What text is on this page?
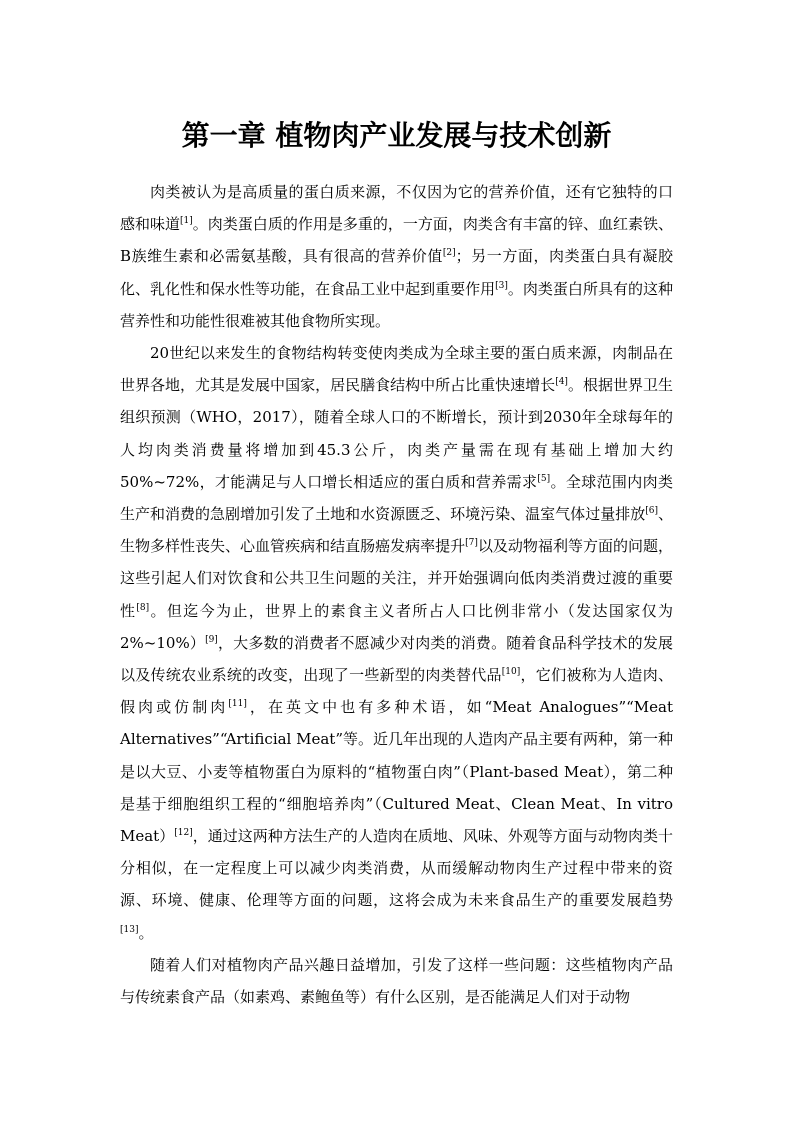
第一章 植物肉产业发展与技术创新

肉类被认为是高质量的蛋白质来源，不仅因为它的营养价值，还有它独特的口感和味道[1]。肉类蛋白质的作用是多重的，一方面，肉类含有丰富的锌、血红素铁、B族维生素和必需氨基酸，具有很高的营养价值[2]；另一方面，肉类蛋白具有凝胶化、乳化性和保水性等功能，在食品工业中起到重要作用[3]。肉类蛋白所具有的这种营养性和功能性很难被其他食物所实现。

20世纪以来发生的食物结构转变使肉类成为全球主要的蛋白质来源，肉制品在世界各地，尤其是发展中国家，居民膳食结构中所占比重快速增长[4]。根据世界卫生组织预测（WHO，2017），随着全球人口的不断增长，预计到2030年全球每年的人均肉类消费量将增加到45.3公斤，肉类产量需在现有基础上增加大约50%~72%，才能满足与人口增长相适应的蛋白质和营养需求[5]。全球范围内肉类生产和消费的急剧增加引发了土地和水资源匮乏、环境污染、温室气体过量排放[6]、生物多样性丧失、心血管疾病和结直肠癌发病率提升[7]以及动物福利等方面的问题，这些引起人们对饮食和公共卫生问题的关注，并开始强调向低肉类消费过渡的重要性[8]。但迄今为止，世界上的素食主义者所占人口比例非常小（发达国家仅为2%~10%）[9]，大多数的消费者不愿减少对肉类的消费。随着食品科学技术的发展以及传统农业系统的改变，出现了一些新型的肉类替代品[10]，它们被称为人造肉、假肉或仿制肉[11]，在英文中也有多种术语，如“Meat Analogues”“Meat Alternatives”“Artificial Meat”等。近几年出现的人造肉产品主要有两种，第一种是以大豆、小麦等植物蛋白为原料的“植物蛋白肉”（Plant-based Meat），第二种是基于细胞组织工程的“细胞培养肉”（Cultured Meat、Clean Meat、In vitro Meat）[12]，通过这两种方法生产的人造肉在质地、风味、外观等方面与动物肉类十分相似，在一定程度上可以减少肉类消费，从而缓解动物肉生产过程中带来的资源、环境、健康、伦理等方面的问题，这将会成为未来食品生产的重要发展趋势[13]。

随着人们对植物肉产品兴趣日益增加，引发了这样一些问题：这些植物肉产品与传统素食产品（如素鸡、素鲍鱼等）有什么区别，是否能满足人们对于动物
